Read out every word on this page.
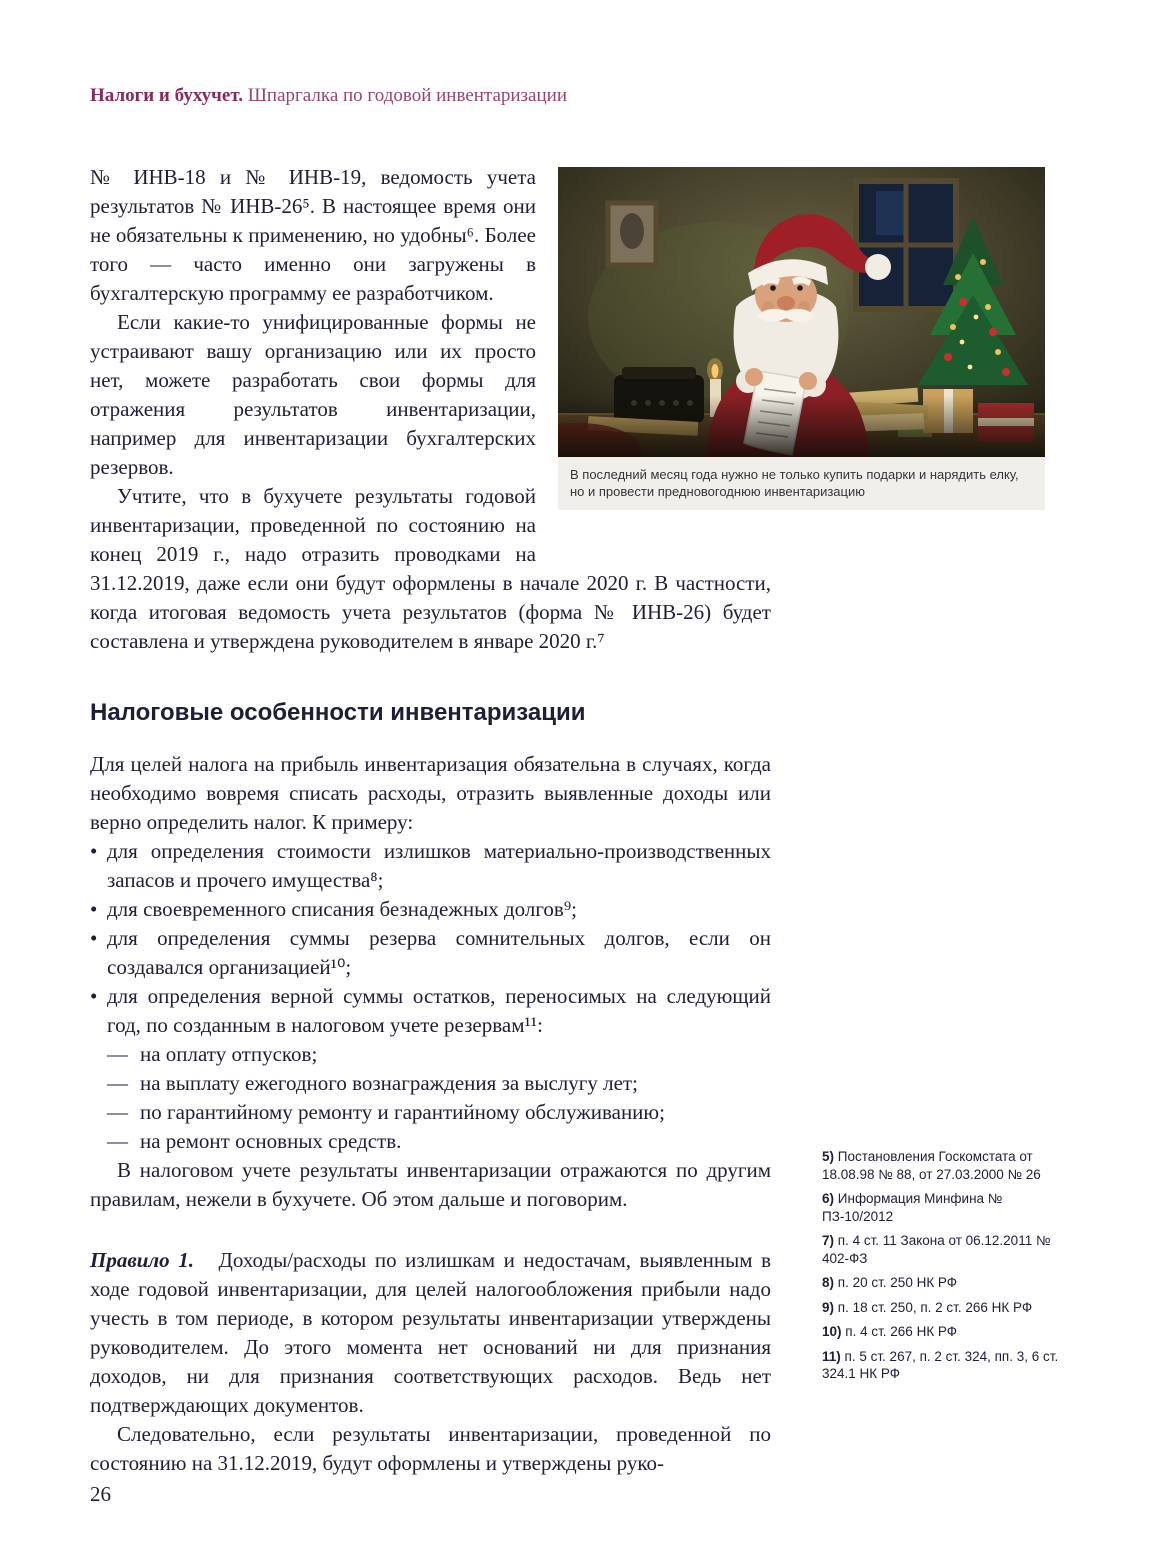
Налоги и бухучет. Шпаргалка по годовой инвентаризации
В последний месяц года нужно не только купить подарки и нарядить елку, но и провести предновогоднюю инвентаризацию

№ ИНВ-18 и № ИНВ-19, ведомость учета результатов № ИНВ-26⁵. В настоящее время они не обязательны к применению, но удобны⁶. Более того — часто именно они загружены в бухгалтерскую программу ее разработчиком.

Если какие-то унифицированные формы не устраивают вашу организацию или их просто нет, можете разработать свои формы для отражения результатов инвентаризации, например для инвентаризации бухгалтерских резервов.

Учтите, что в бухучете результаты годовой инвентаризации, проведенной по состоянию на конец 2019 г., надо отразить проводками на 31.12.2019, даже если они будут оформлены в начале 2020 г. В частности, когда итоговая ведомость учета результатов (форма № ИНВ-26) будет составлена и утверждена руководителем в январе 2020 г.⁷

Налоговые особенности инвентаризации

Для целей налога на прибыль инвентаризация обязательна в случаях, когда необходимо вовремя списать расходы, отразить выявленные доходы или верно определить налог. К примеру:

• для определения стоимости излишков материально-производственных запасов и прочего имущества⁸;
• для своевременного списания безнадежных долгов⁹;
• для определения суммы резерва сомнительных долгов, если он создавался организацией¹⁰;
• для определения верной суммы остатков, переносимых на следующий год, по созданным в налоговом учете резервам¹¹:
— на оплату отпусков;
— на выплату ежегодного вознаграждения за выслугу лет;
— по гарантийному ремонту и гарантийному обслуживанию;
— на ремонт основных средств.

В налоговом учете результаты инвентаризации отражаются по другим правилам, нежели в бухучете. Об этом дальше и поговорим.

Правило 1. Доходы/расходы по излишкам и недостачам, выявленным в ходе годовой инвентаризации, для целей налогообложения прибыли надо учесть в том периоде, в котором результаты инвентаризации утверждены руководителем. До этого момента нет оснований ни для признания доходов, ни для признания соответствующих расходов. Ведь нет подтверждающих документов.

Следовательно, если результаты инвентаризации, проведенной по состоянию на 31.12.2019, будут оформлены и утверждены руко-

5) Постановления Госкомстата от 18.08.98 № 88, от 27.03.2000 № 26
6) Информация Минфина № ПЗ-10/2012
7) п. 4 ст. 11 Закона от 06.12.2011 № 402-ФЗ
8) п. 20 ст. 250 НК РФ
9) п. 18 ст. 250, п. 2 ст. 266 НК РФ
10) п. 4 ст. 266 НК РФ
11) п. 5 ст. 267, п. 2 ст. 324, пп. 3, 6 ст. 324.1 НК РФ
26
